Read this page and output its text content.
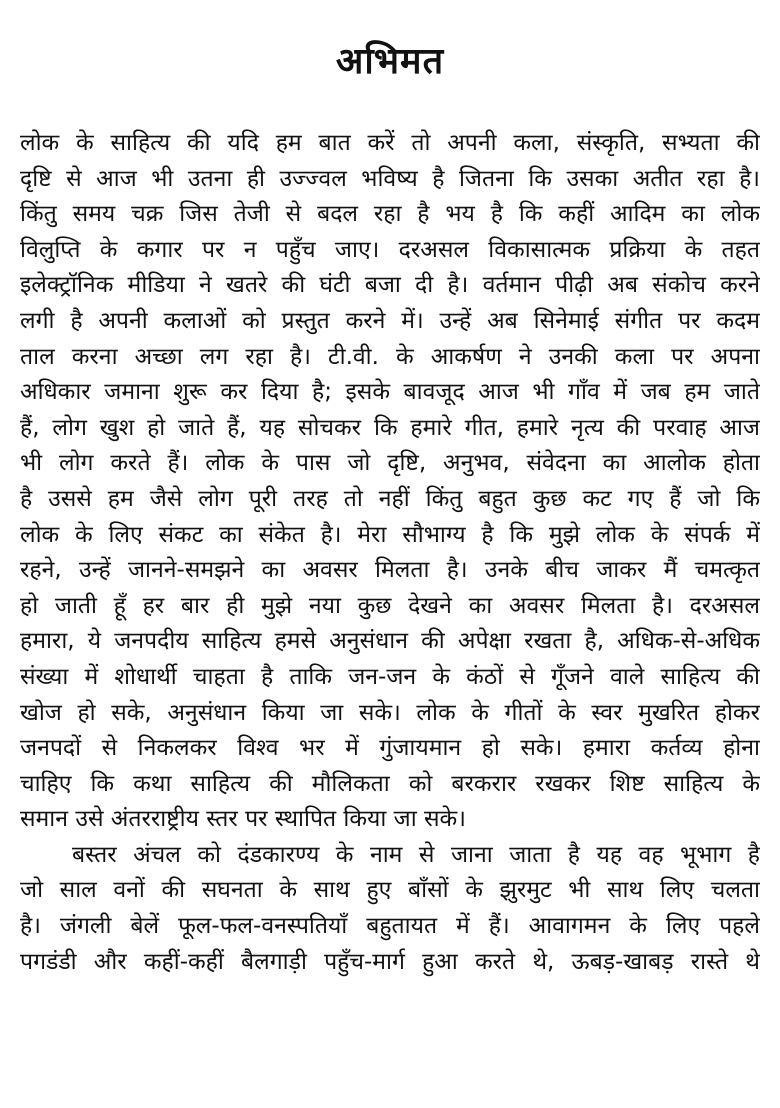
अभिमत
लोक के साहित्य की यदि हम बात करें तो अपनी कला, संस्कृति, सभ्यता की
दृष्टि से आज भी उतना ही उज्ज्वल भविष्य है जितना कि उसका अतीत रहा है।
किंतु समय चक्र जिस तेजी से बदल रहा है भय है कि कहीं आदिम का लोक
विलुप्ति के कगार पर न पहुँच जाए। दरअसल विकासात्मक प्रक्रिया के तहत
इलेक्ट्रॉनिक मीडिया ने खतरे की घंटी बजा दी है। वर्तमान पीढ़ी अब संकोच करने
लगी है अपनी कलाओं को प्रस्तुत करने में। उन्हें अब सिनेमाई संगीत पर कदम
ताल करना अच्छा लग रहा है। टी.वी. के आकर्षण ने उनकी कला पर अपना
अधिकार जमाना शुरू कर दिया है; इसके बावजूद आज भी गाँव में जब हम जाते
हैं, लोग खुश हो जाते हैं, यह सोचकर कि हमारे गीत, हमारे नृत्य की परवाह आज
भी लोग करते हैं। लोक के पास जो दृष्टि, अनुभव, संवेदना का आलोक होता
है उससे हम जैसे लोग पूरी तरह तो नहीं किंतु बहुत कुछ कट गए हैं जो कि
लोक के लिए संकट का संकेत है। मेरा सौभाग्य है कि मुझे लोक के संपर्क में
रहने, उन्हें जानने-समझने का अवसर मिलता है। उनके बीच जाकर मैं चमत्कृत
हो जाती हूँ हर बार ही मुझे नया कुछ देखने का अवसर मिलता है। दरअसल
हमारा, ये जनपदीय साहित्य हमसे अनुसंधान की अपेक्षा रखता है, अधिक-से-अधिक
संख्या में शोधार्थी चाहता है ताकि जन-जन के कंठों से गूँजने वाले साहित्य की
खोज हो सके, अनुसंधान किया जा सके। लोक के गीतों के स्वर मुखरित होकर
जनपदों से निकलकर विश्व भर में गुंजायमान हो सके। हमारा कर्तव्य होना
चाहिए कि कथा साहित्य की मौलिकता को बरकरार रखकर शिष्ट साहित्य के
समान उसे अंतरराष्ट्रीय स्तर पर स्थापित किया जा सके।
बस्तर अंचल को दंडकारण्य के नाम से जाना जाता है यह वह भूभाग है
जो साल वनों की सघनता के साथ हुए बाँसों के झुरमुट भी साथ लिए चलता
है। जंगली बेलें फूल-फल-वनस्पतियाँ बहुतायत में हैं। आवागमन के लिए पहले
पगडंडी और कहीं-कहीं बैलगाड़ी पहुँच-मार्ग हुआ करते थे, ऊबड़-खाबड़ रास्ते थे
